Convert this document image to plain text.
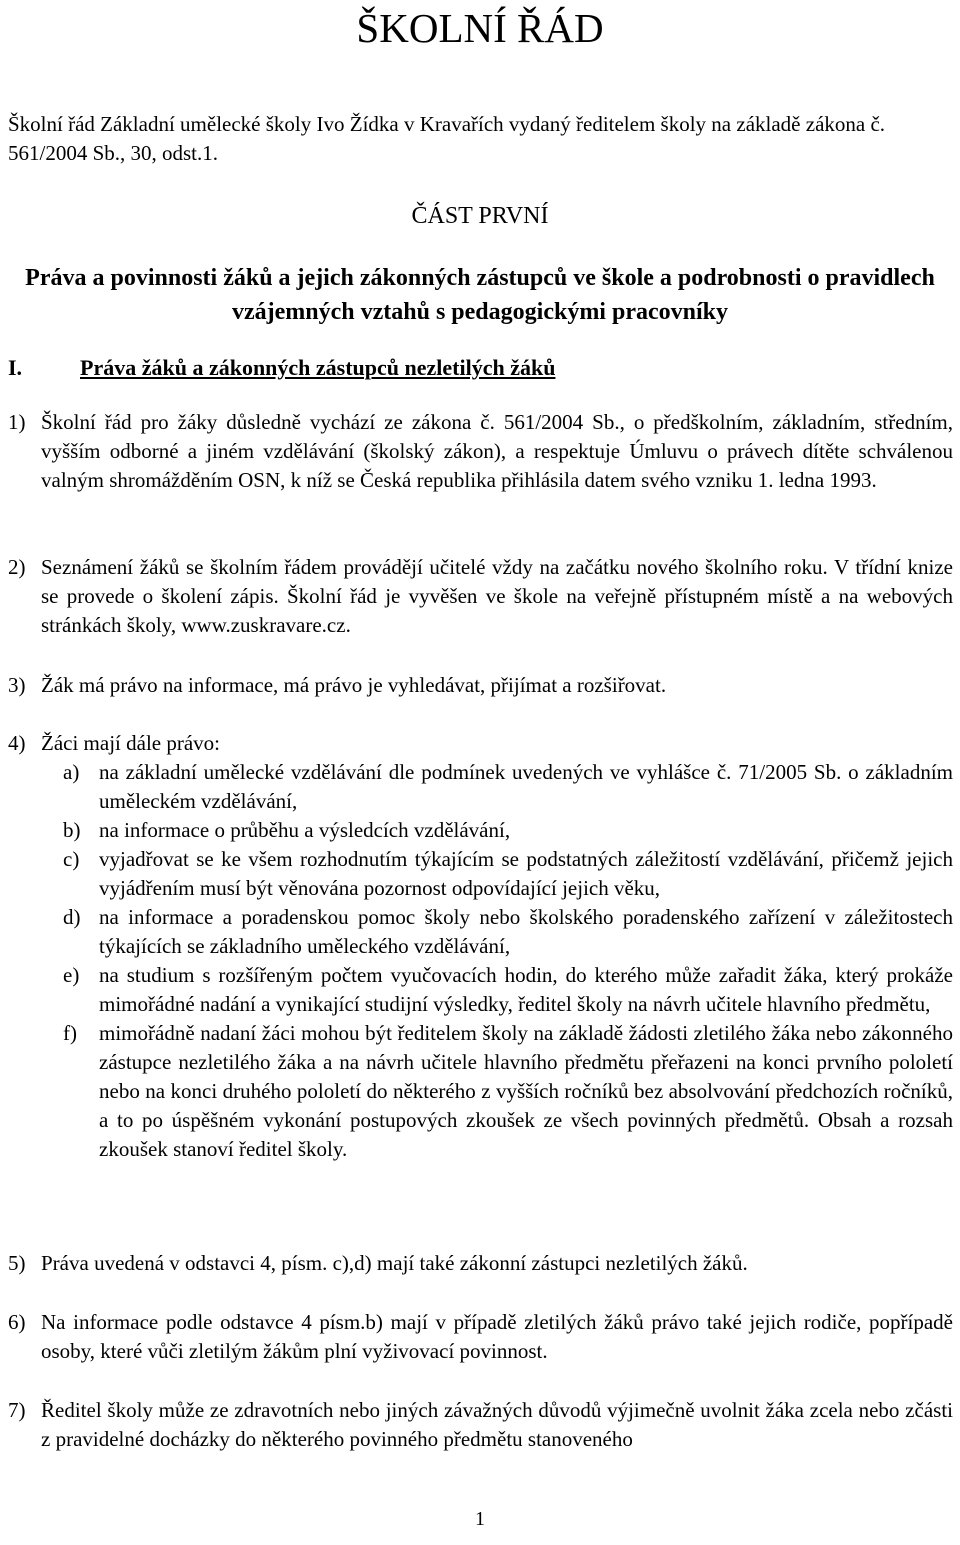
ŠKOLNÍ ŘÁD
Školní řád Základní umělecké školy Ivo Žídka v Kravařích vydaný ředitelem školy na základě zákona č. 561/2004 Sb., 30, odst.1.
ČÁST PRVNÍ
Práva a povinnosti žáků a jejich zákonných zástupců ve škole a podrobnosti o pravidlech vzájemných vztahů s pedagogickými pracovníky
I.	Práva žáků a zákonných zástupců nezletilých žáků
1) Školní řád pro žáky důsledně vychází ze zákona č. 561/2004 Sb., o předškolním, základním, středním, vyšším odborné a jiném vzdělávání (školský zákon), a respektuje Úmluvu o právech dítěte schválenou valným shromážděním OSN, k níž se Česká republika přihlásila datem svého vzniku 1. ledna 1993.
2) Seznámení žáků se školním řádem provádějí učitelé vždy na začátku nového školního roku. V třídní knize se provede o školení zápis. Školní řád je vyvěšen ve škole na veřejně přístupném místě a na webových stránkách školy, www.zuskravare.cz.
3) Žák má právo na informace, má právo je vyhledávat, přijímat a rozšiřovat.
4) Žáci mají dále právo:
a) na základní umělecké vzdělávání dle podmínek uvedených ve vyhlášce č. 71/2005 Sb. o základním uměleckém vzdělávání,
b) na informace o průběhu a výsledcích vzdělávání,
c) vyjadřovat se ke všem rozhodnutím týkajícím se podstatných záležitostí vzdělávání, přičemž jejich vyjádřením musí být věnována pozornost odpovídající jejich věku,
d) na informace a poradenskou pomoc školy nebo školského poradenského zařízení v záležitostech týkajících se základního uměleckého vzdělávání,
e) na studium s rozšířeným počtem vyučovacích hodin, do kterého může zařadit žáka, který prokáže mimořádné nadání a vynikající studijní výsledky, ředitel školy na návrh učitele hlavního předmětu,
f) mimořádně nadaní žáci mohou být ředitelem školy na základě žádosti zletilého žáka nebo zákonného zástupce nezletilého žáka a na návrh učitele hlavního předmětu přeřazeni na konci prvního pololetí nebo na konci druhého pololetí do některého z vyšších ročníků bez absolvování předchozích ročníků, a to po úspěšném vykonání postupových zkoušek ze všech povinných předmětů. Obsah a rozsah zkoušek stanoví ředitel školy.
5) Práva uvedená v odstavci 4, písm. c),d) mají také zákonní zástupci nezletilých žáků.
6) Na informace podle odstavce 4 písm.b) mají v případě zletilých žáků právo také jejich rodiče, popřípadě osoby, které vůči zletilým žákům plní vyživovací povinnost.
7) Ředitel školy může ze zdravotních nebo jiných závažných důvodů výjimečně uvolnit žáka zcela nebo zčásti z pravidelné docházky do některého povinného předmětu stanoveného
1
